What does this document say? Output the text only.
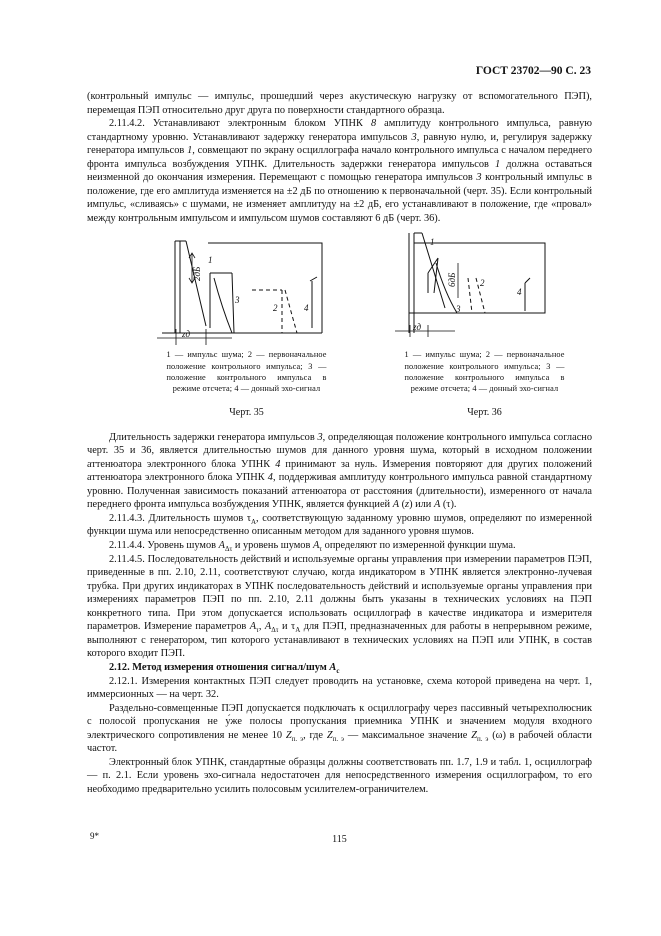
ГОСТ 23702—90 С. 23

(контрольный импульс — импульс, прошедший через акустическую нагрузку от вспомогательного ПЭП), перемещая ПЭП относительно друг друга по поверхности стандартного образца.

2.11.4.2. Устанавливают электронным блоком УПНК 8 амплитуду контрольного импульса, равную стандартному уровню. Устанавливают задержку генератора импульсов 3, равную нулю, и, регулируя задержку генератора импульсов 1, совмещают по экрану осциллографа начало контрольного импульса с началом переднего фронта импульса возбуждения УПНК. Длительность задержки генератора импульсов 1 должна оставаться неизменной до окончания измерения. Перемещают с помощью генератора импульсов 3 контрольный импульс в положение, где его амплитуда изменяется на ±2 дБ по отношению к первоначальной (черт. 35). Если контрольный импульс, «сливаясь» с шумами, не изменяет амплитуду на ±2 дБ, его устанавливают в положение, где «провал» между контрольным импульсом и импульсом шумов составляют 6 дБ (черт. 36).

1
2
3
4
2дБ
zд

1 — импульс шума; 2 — первоначальное положение контрольного импульса; 3 — положение контрольного импульса в режиме отсчета; 4 — донный эхо-сигнал

Черт. 35
1
2
3
4
6дБ
zд

1 — импульс шума; 2 — первоначальное положение контрольного импульса; 3 — положение контрольного импульса в режиме отсчета; 4 — донный эхо-сигнал

Черт. 36

Длительность задержки генератора импульсов 3, определяющая положение контрольного импульса согласно черт. 35 и 36, является длительностью шумов для данного уровня шума, который в исходном положении аттенюатора электронного блока УПНК 4 принимают за нуль. Измерения повторяют для других положений аттенюатора электронного блока УПНК 4, поддерживая амплитуду контрольного импульса равной стандартному уровню. Полученная зависимость показаний аттенюатора от расстояния (длительности), измеренного от начала переднего фронта импульса возбуждения УПНК, является функцией A (z) или A (τ).

2.11.4.3. Длительность шумов $\tau_A$, соответствующую заданному уровню шумов, определяют по измеренной функции шума или непосредственно описанным методом для заданного уровня шумов.

2.11.4.4. Уровень шумов $A_{\Delta\tau}$ и уровень шумов $A_\tau$ определяют по измеренной функции шума.

2.11.4.5. Последовательность действий и используемые органы управления при измерении параметров ПЭП, приведенные в пп. 2.10, 2.11, соответствуют случаю, когда индикатором в УПНК является электронно-лучевая трубка. При других индикаторах в УПНК последовательность действий и используемые органы управления при измерениях параметров ПЭП по пп. 2.10, 2.11 должны быть указаны в технических условиях на ПЭП конкретного типа. При этом допускается использовать осциллограф в качестве индикатора и измерителя параметров. Измерение параметров $A_\tau$, $A_{\Delta\tau}$ и $\tau_A$ для ПЭП, предназначенных для работы в непрерывном режиме, выполняют с генератором, тип которого устанавливают в технических условиях на ПЭП или УПНК, в состав которого входит ПЭП.

2.12. Метод измерения отношения сигнал/шум $A_c$

2.12.1. Измерения контактных ПЭП следует проводить на установке, схема которой приведена на черт. 1, иммерсионных — на черт. 32.

Раздельно-совмещенные ПЭП допускается подключать к осциллографу через пассивный четырехполюсник с полосой пропускания не у́же полосы пропускания приемника УПНК и значением модуля входного электрического сопротивления не менее 10 $Z_{п. э}$, где $Z_{п. э}$ — максимальное значение $Z_{п. э}$ (ω) в рабочей области частот.

Электронный блок УПНК, стандартные образцы должны соответствовать пп. 1.7, 1.9 и табл. 1, осциллограф — п. 2.1. Если уровень эхо-сигнала недостаточен для непосредственного измерения осциллографом, то его необходимо предварительно усилить полосовым усилителем-ограничителем.

9*	115
